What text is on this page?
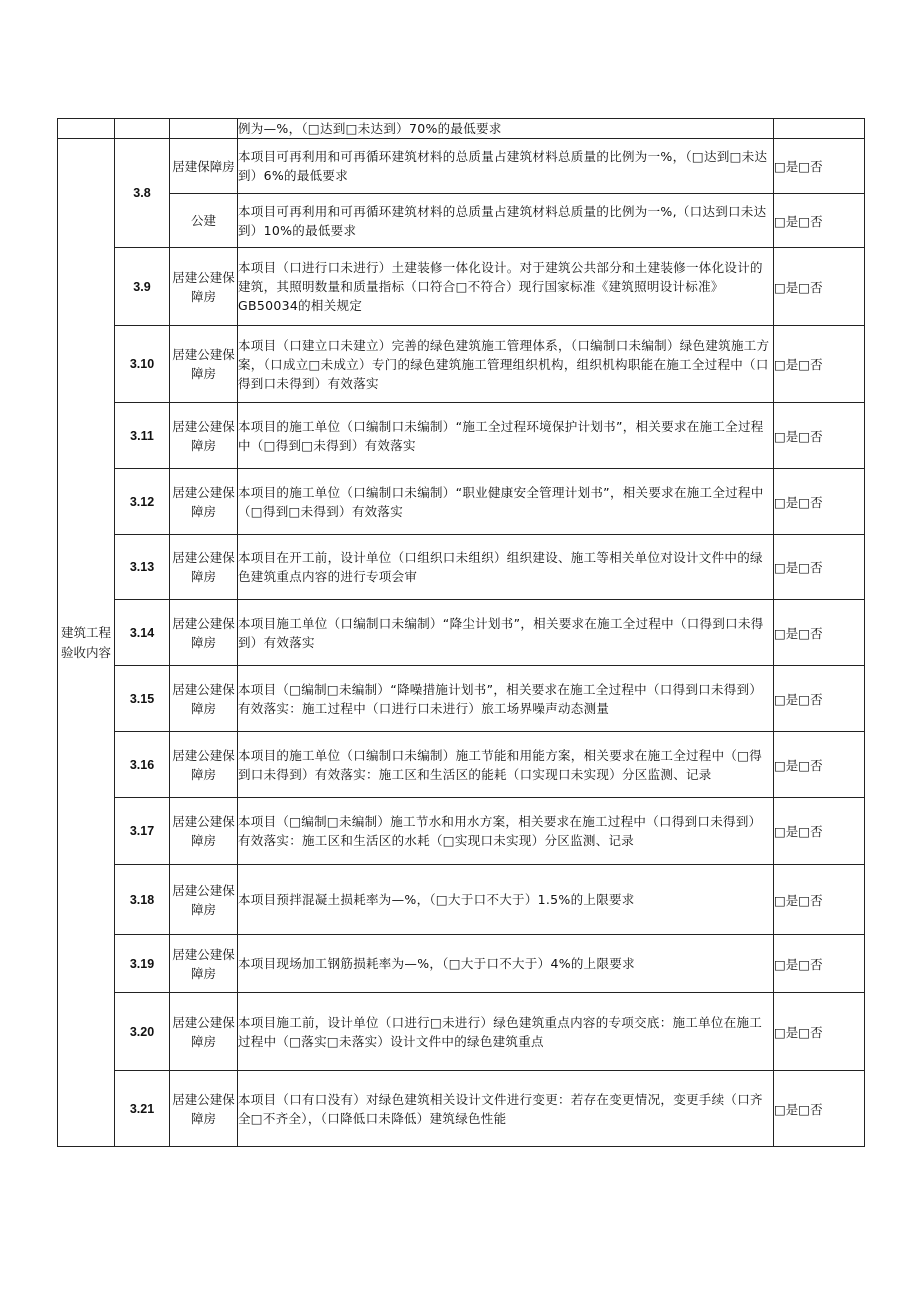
			例为—%，（□达到□未达到）70%的最低要求	
建筑工程验收内容	3.8	居建保障房	本项目可再利用和可再循环建筑材料的总质量占建筑材料总质量的比例为一%，（□达到□未达到）6%的最低要求	□是□否
		公建	本项目可再利用和可再循环建筑材料的总质量占建筑材料总质量的比例为一%,（口达到口未达到）10%的最低要求	□是□否
	3.9	居建公建保障房	本项目（口进行口未进行）土建装修一体化设计。对于建筑公共部分和土建装修一体化设计的建筑，其照明数量和质量指标（口符合□不符合）现行国家标准《建筑照明设计标准》GB50034的相关规定	□是□否
	3.10	居建公建保障房	本项目（口建立口未建立）完善的绿色建筑施工管理体系，（口编制口未编制）绿色建筑施工方案，（口成立□未成立）专门的绿色建筑施工管理组织机构，组织机构职能在施工全过程中（口得到口未得到）有效落实	□是□否
	3.11	居建公建保障房	本项目的施工单位（口编制口未编制）“施工全过程环境保护计划书”，相关要求在施工全过程中（□得到□未得到）有效落实	□是□否
	3.12	居建公建保障房	本项目的施工单位（口编制口未编制）“职业健康安全管理计划书”，相关要求在施工全过程中（□得到□未得到）有效落实	□是□否
	3.13	居建公建保障房	本项目在开工前，设计单位（口组织口未组织）组织建设、施工等相关单位对设计文件中的绿色建筑重点内容的进行专项会审	□是□否
	3.14	居建公建保障房	本项目施工单位（口编制口未编制）“降尘计划书”，相关要求在施工全过程中（口得到口未得到）有效落实	□是□否
	3.15	居建公建保障房	本项目（□编制□未编制）“降噪措施计划书”，相关要求在施工全过程中（口得到口未得到）有效落实：施工过程中（口进行口未进行）旅工场界噪声动态测量	□是□否
	3.16	居建公建保障房	本项目的施工单位（口编制口未编制）施工节能和用能方案，相关要求在施工全过程中（□得到口未得到）有效落实：施工区和生活区的能耗（口实现口未实现）分区监测、记录	□是□否
	3.17	居建公建保障房	本项目（□编制□未编制）施工节水和用水方案，相关要求在施工过程中（口得到口未得到）有效落实：施工区和生活区的水耗（□实现口未实现）分区监测、记录	□是□否
	3.18	居建公建保障房	本项目预拌混凝土损耗率为—%，（□大于口不大于）1.5%的上限要求	□是□否
	3.19	居建公建保障房	本项目现场加工钢筋损耗率为—%，（□大于口不大于）4%的上限要求	□是□否
	3.20	居建公建保障房	本项目施工前，设计单位（口进行□未进行）绿色建筑重点内容的专项交底：施工单位在施工过程中（□落实□未落实）设计文件中的绿色建筑重点	□是□否
	3.21	居建公建保障房	本项目（口有口没有）对绿色建筑相关设计文件进行变更：若存在变更情况，变更手续（口齐全□不齐全），（口降低口未降低）建筑绿色性能	□是□否
